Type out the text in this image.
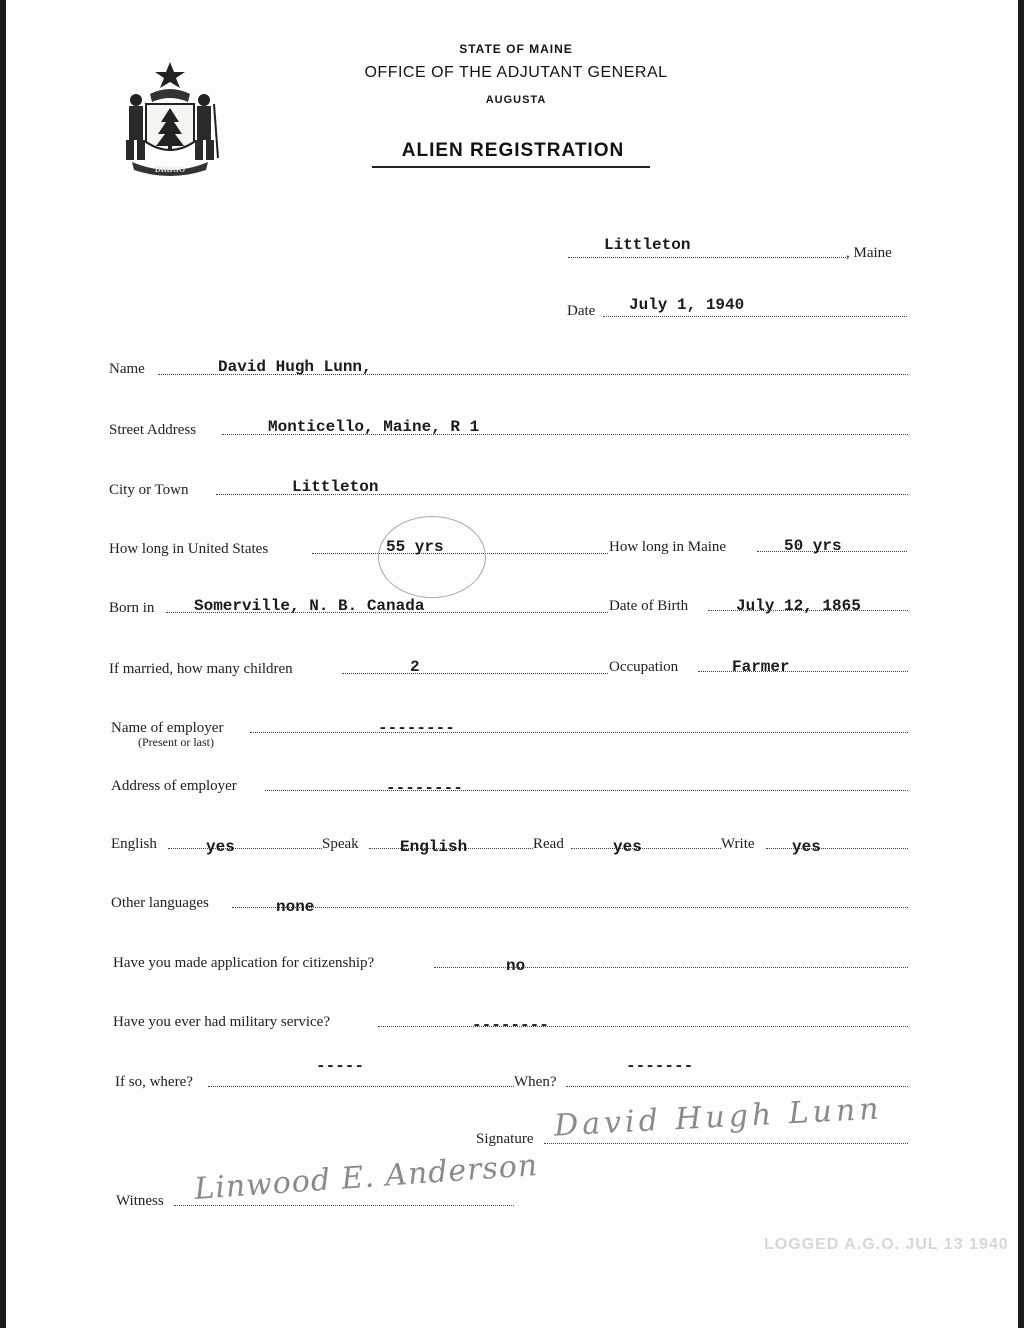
DIRIGO
STATE OF MAINE
OFFICE OF THE ADJUTANT GENERAL
AUGUSTA
ALIEN REGISTRATION
Littleton	, Maine
Date July 1, 1940
Name	David Hugh Lunn,
Street Address	Monticello, Maine, R 1
City or Town	Littleton
How long in United States	55 yrs	How long in Maine	50 yrs
Born in Somerville, N. B. Canada	Date of Birth	July 12, 1865
If married, how many children	2	Occupation	Farmer
Name of employer
(Present or last)
--------
Address of employer	--------
English	yes	Speak	English	Read	yes	Write yes
Other languages	none
Have you made application for citizenship?	no
Have you ever had military service?	--------
If so, where?
-----
When?
-------
Signature David Hugh Lunn
Witness Linwood E. Anderson
LOGGED A.G.O. JUL 13 1940
